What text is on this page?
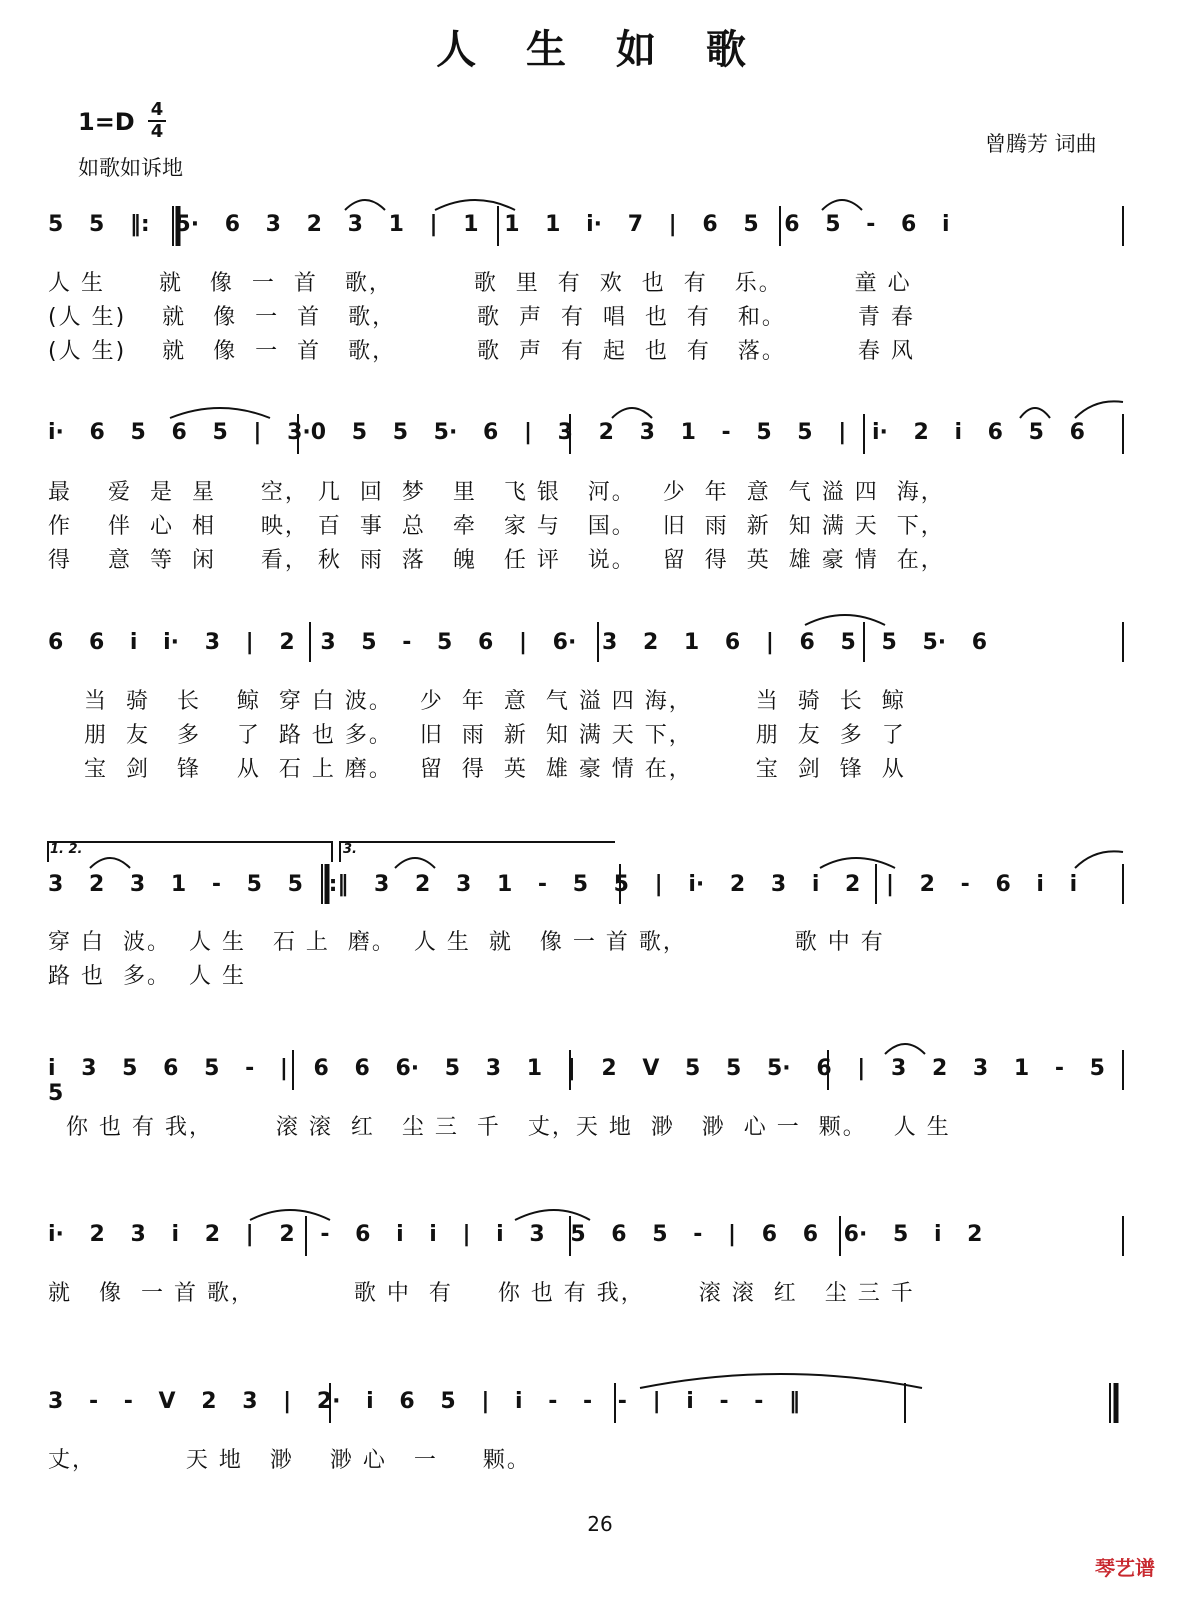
人 生 如 歌
$1=D \frac{4}{4}$
如歌如诉地
曾腾芳 词曲
5 5 ‖: 5· 6 3 2 3 1 | 1 1 1 i· 7 | 6 5 6 5 - 6 i
人 生      就   像  一  首   歌，         歌  里  有  欢  也  有   乐。        童 心
(人 生)    就   像  一  首   歌，         歌  声  有  唱  也  有   和。        青 春
(人 生)    就   像  一  首   歌，         歌  声  有  起  也  有   落。        春 风
i· 6 5 6 5 | 3·0 5 5 5· 6 | 3 2 3 1 - 5 5 | i· 2 i 6 5 6
最    爱  是  星     空， 几  回  梦   里   飞 银   河。   少  年  意  气 溢 四  海，
作    伴  心  相     映， 百  事  总   牵   家 与   国。   旧  雨  新  知 满 天  下，
得    意  等  闲     看， 秋  雨  落   魄   任 评   说。   留  得  英  雄 豪 情  在，
6 6 i i· 3 | 2 3 5 - 5 6 | 6· 3 2 1 6 | 6 5 5 5· 6
当  骑   长    鲸  穿 白 波。   少  年  意  气 溢 四 海，       当  骑  长  鲸
朋  友   多    了  路 也 多。   旧  雨  新  知 满 天 下，       朋  友  多  了
宝  剑   锋    从  石 上 磨。   留  得  英  雄 豪 情 在，       宝  剑  锋  从
1. 2.	3.
3 2 3 1 - 5 5 :‖ 3 2 3 1 - 5 5 | i· 2 3 i 2 | 2 - 6 i i
穿 白  波。  人 生   石 上  磨。  人 生  就   像 一 首 歌，            歌 中 有
路 也  多。  人 生
i 3 5 6 5 - | 6 6 6· 5 3 1 | 2 V 5 5 5· 6 | 3 2 3 1 - 5 5
你 也 有 我，       滚 滚  红   尘 三  千   丈，天 地  渺   渺  心 一  颗。   人 生
i· 2 3 i 2 | 2 - 6 i i | i 3 5 6 5 - | 6 6 6· 5 i 2
就   像  一 首 歌，           歌 中  有     你 也 有 我，      滚 滚  红   尘 三 千
3 - - V 2 3 | 2· i 6 5 | i - - - | i - - ‖
丈，          天 地   渺    渺 心   一     颗。
26
琴艺谱
